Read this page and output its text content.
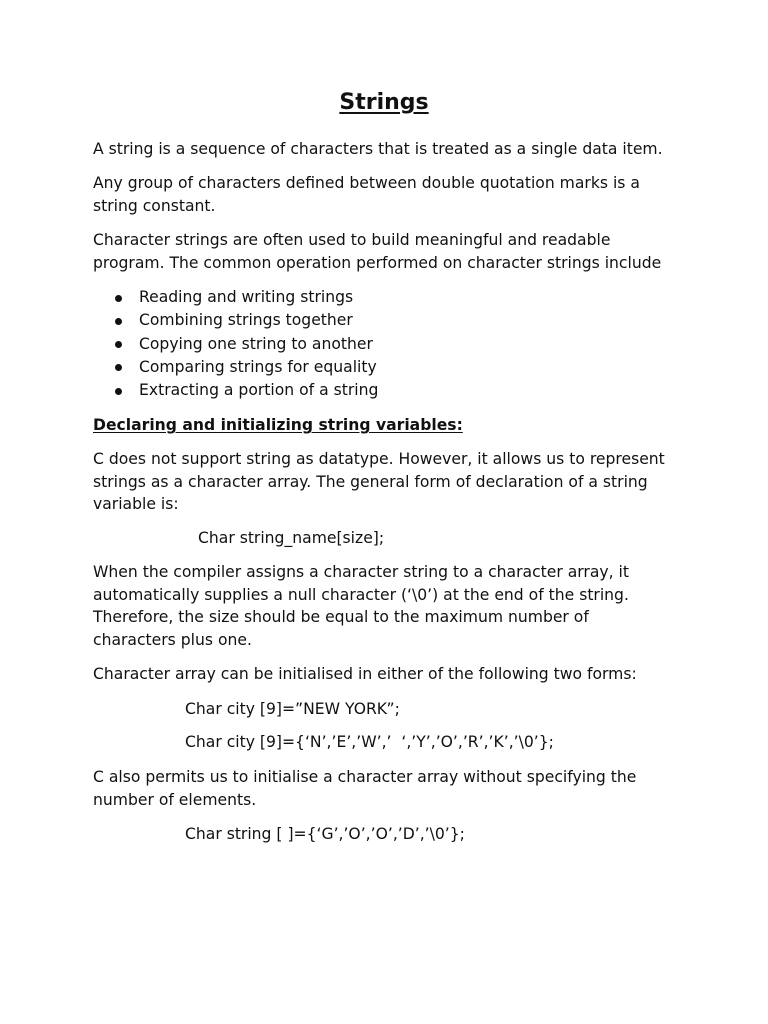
Strings

A string is a sequence of characters that is treated as a single data item.

Any group of characters defined between double quotation marks is a
string constant.

Character strings are often used to build meaningful and readable
program. The common operation performed on character strings include

Reading and writing strings
Combining strings together
Copying one string to another
Comparing strings for equality
Extracting a portion of a string

Declaring and initializing string variables:

C does not support string as datatype. However, it allows us to represent
strings as a character array. The general form of declaration of a string
variable is:

Char string_name[size];

When the compiler assigns a character string to a character array, it
automatically supplies a null character (‘\0’) at the end of the string.
Therefore, the size should be equal to the maximum number of
characters plus one.

Character array can be initialised in either of the following two forms:

Char city [9]=”NEW YORK”;

Char city [9]={‘N’,’E’,’W’,’  ‘,’Y’,’O’,’R’,’K’,’\0’};

C also permits us to initialise a character array without specifying the
number of elements.

Char string [ ]={‘G’,’O’,’O’,’D’,’\0’};
